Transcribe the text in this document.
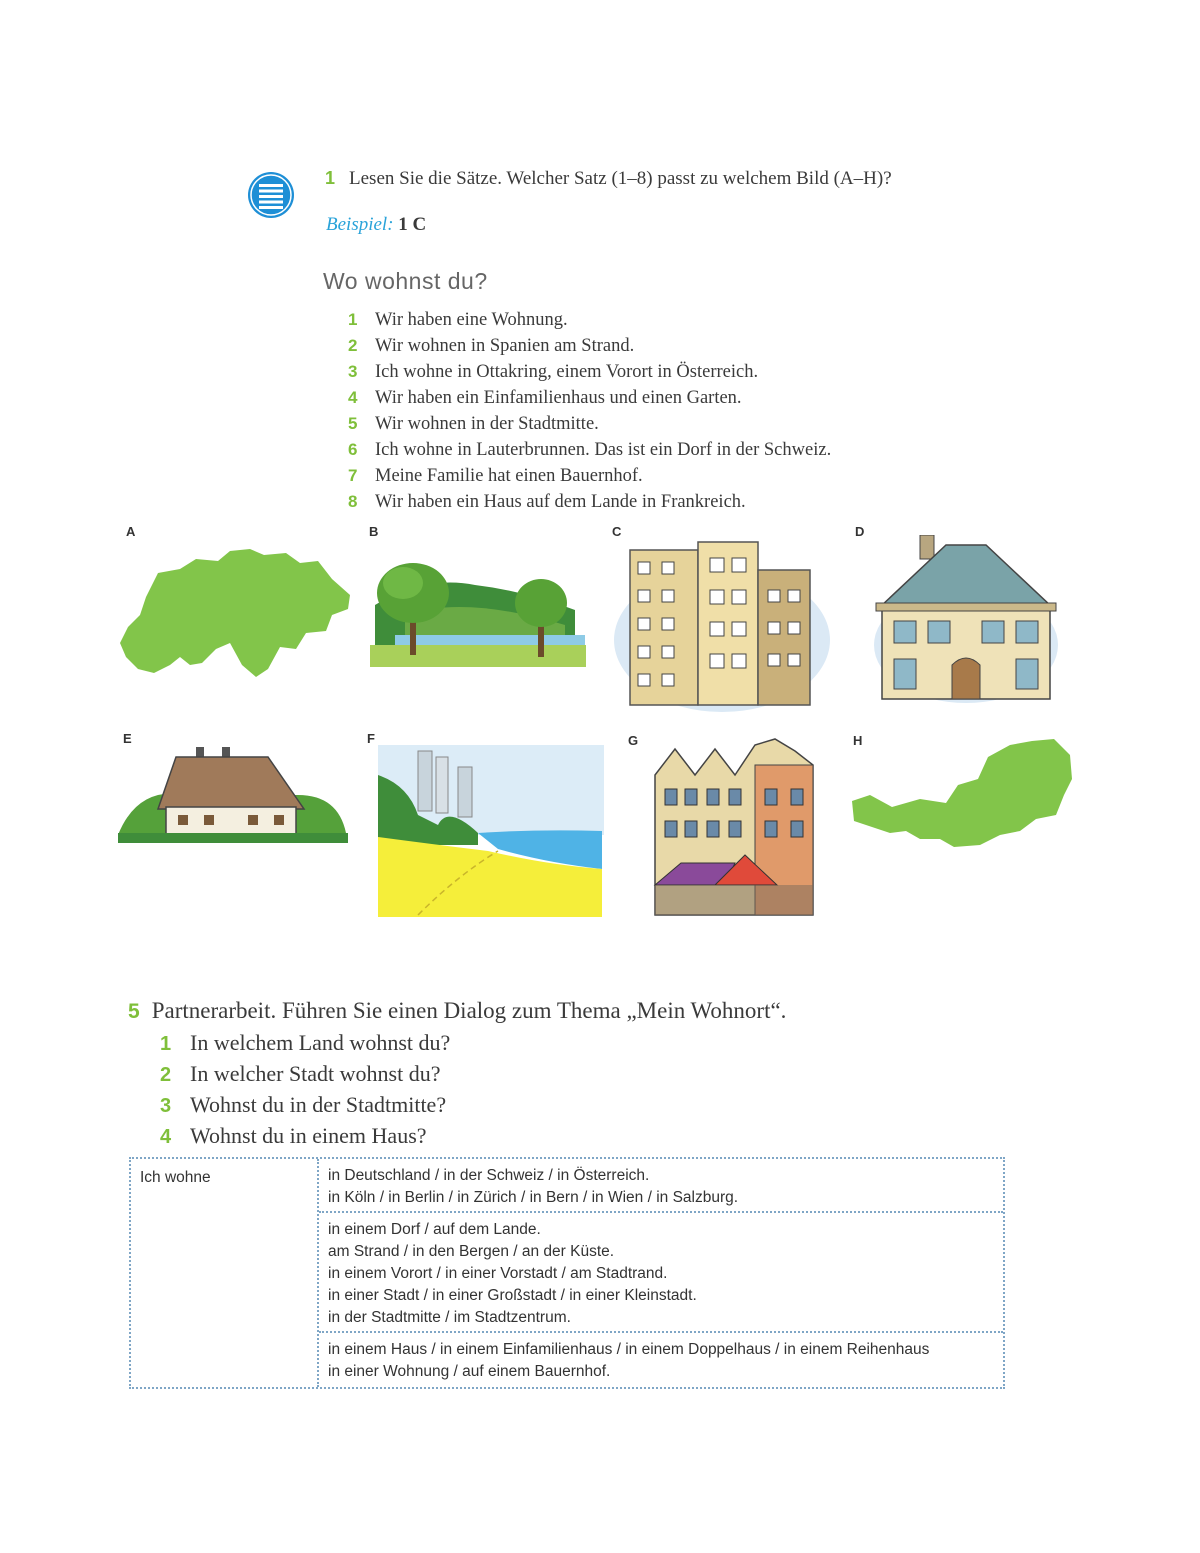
1 Lesen Sie die Sätze. Welcher Satz (1–8) passt zu welchem Bild (A–H)?
Beispiel: 1 C
Wo wohnst du?
1 Wir haben eine Wohnung.
2 Wir wohnen in Spanien am Strand.
3 Ich wohne in Ottakring, einem Vorort in Österreich.
4 Wir haben ein Einfamilienhaus und einen Garten.
5 Wir wohnen in der Stadtmitte.
6 Ich wohne in Lauterbrunnen. Das ist ein Dorf in der Schweiz.
7 Meine Familie hat einen Bauernhof.
8 Wir haben ein Haus auf dem Lande in Frankreich.
A	B	C	D
E	F	G	H
5 Partnerarbeit. Führen Sie einen Dialog zum Thema „Mein Wohnort“.
1 In welchem Land wohnst du?
2 In welcher Stadt wohnst du?
3 Wohnst du in der Stadtmitte?
4 Wohnst du in einem Haus?
Ich wohne	in Deutschland / in der Schweiz / in Österreich.
in Köln / in Berlin / in Zürich / in Bern / in Wien / in Salzburg.
in einem Dorf / auf dem Lande.
am Strand / in den Bergen / an der Küste.
in einem Vorort / in einer Vorstadt / am Stadtrand.
in einer Stadt / in einer Großstadt / in einer Kleinstadt.
in der Stadtmitte / im Stadtzentrum.
in einem Haus / in einem Einfamilienhaus / in einem Doppelhaus / in einem Reihenhaus
in einer Wohnung / auf einem Bauernhof.
